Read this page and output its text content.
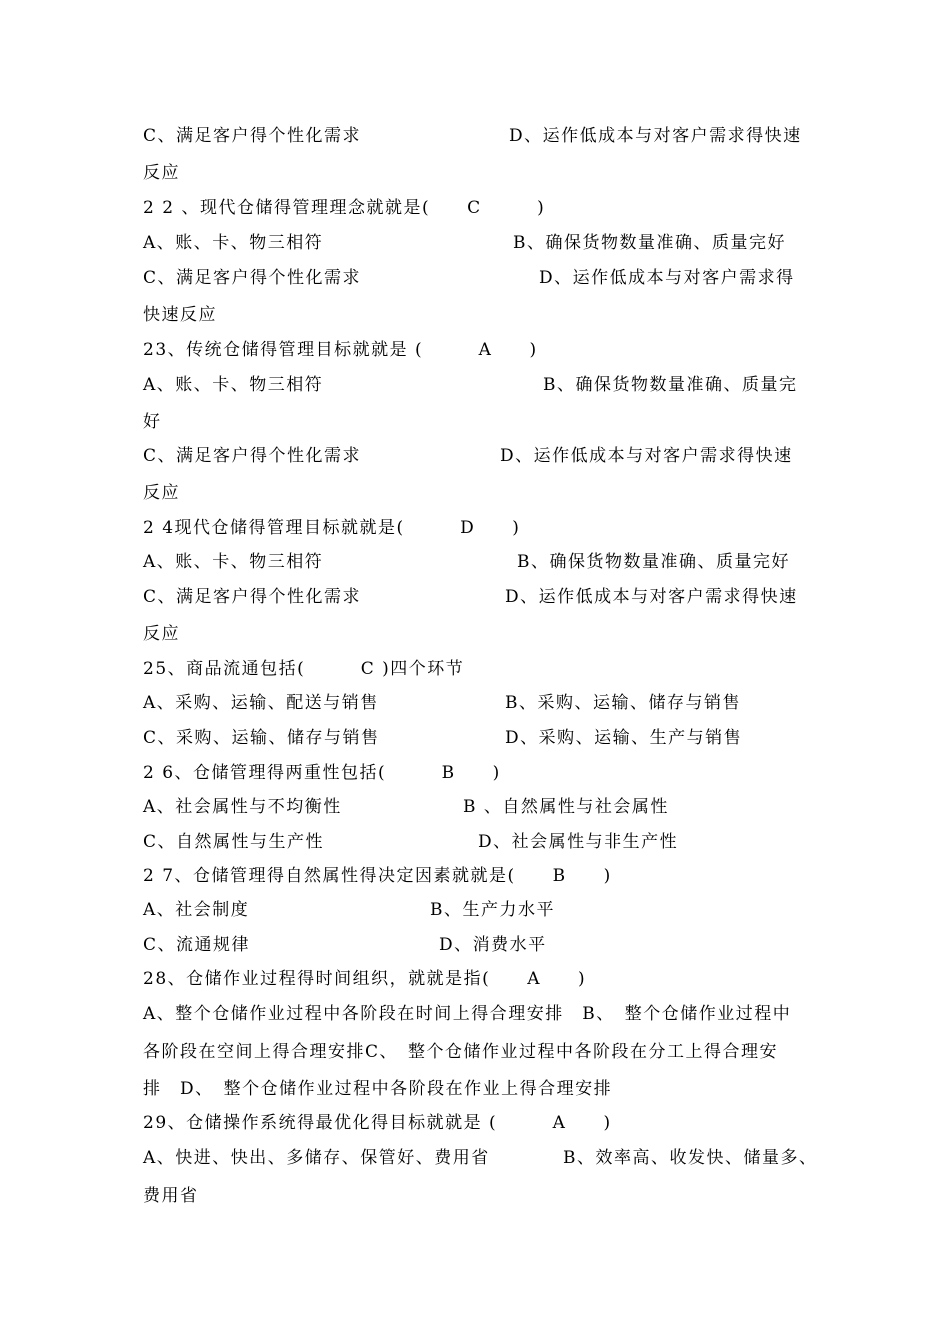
C、满足客户得个性化需求	D、运作低成本与对客户需求得快速
反应
2 2 、现代仓储得管理理念就就是(　　C　　　)
A、账、卡、物三相符	B、确保货物数量准确、质量完好
C、满足客户得个性化需求	D、运作低成本与对客户需求得
快速反应
23、传统仓储得管理目标就就是 (　　　A　　)
A、账、卡、物三相符	B、确保货物数量准确、质量完
好
C、满足客户得个性化需求	D、运作低成本与对客户需求得快速
反应
2 4现代仓储得管理目标就就是(　　　D　　)
A、账、卡、物三相符	B、确保货物数量准确、质量完好
C、满足客户得个性化需求	D、运作低成本与对客户需求得快速
反应
25、商品流通包括(　　　C )四个环节
A、采购、运输、配送与销售	B、采购、运输、储存与销售
C、采购、运输、储存与销售	D、采购、运输、生产与销售
2 6、仓储管理得两重性包括(　　　B　　)
A、社会属性与不均衡性	B 、自然属性与社会属性
C、自然属性与生产性	D、社会属性与非生产性
2 7、仓储管理得自然属性得决定因素就就是(　　B　　)
A、社会制度	B、生产力水平
C、流通规律	D、消费水平
28、仓储作业过程得时间组织，就就是指(　　A　　)
A、整个仓储作业过程中各阶段在时间上得合理安排　B、　整个仓储作业过程中
各阶段在空间上得合理安排C、　整个仓储作业过程中各阶段在分工上得合理安
排　D、　整个仓储作业过程中各阶段在作业上得合理安排
29、仓储操作系统得最优化得目标就就是 (　　　A　　)
A、快进、快出、多储存、保管好、费用省	B、效率高、收发快、储量多、
费用省
